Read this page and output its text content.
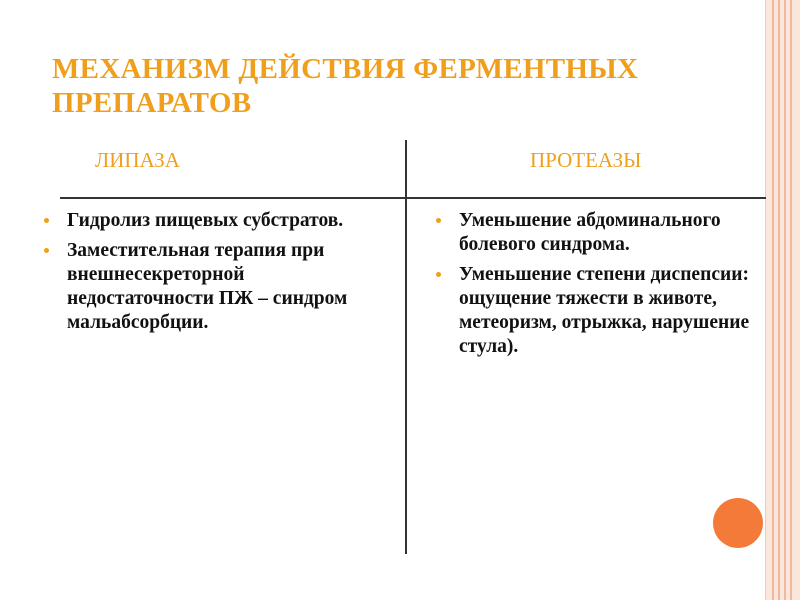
МЕХАНИЗМ ДЕЙСТВИЯ ФЕРМЕНТНЫХ ПРЕПАРАТОВ
ЛИПАЗА	ПРОТЕАЗЫ
Гидролиз пищевых субстратов.
Заместительная терапия при внешнесекреторной недостаточности ПЖ – синдром мальабсорбции.
Уменьшение абдоминального болевого синдрома.
Уменьшение степени диспепсии: ощущение тяжести в животе, метеоризм, отрыжка, нарушение стула).
